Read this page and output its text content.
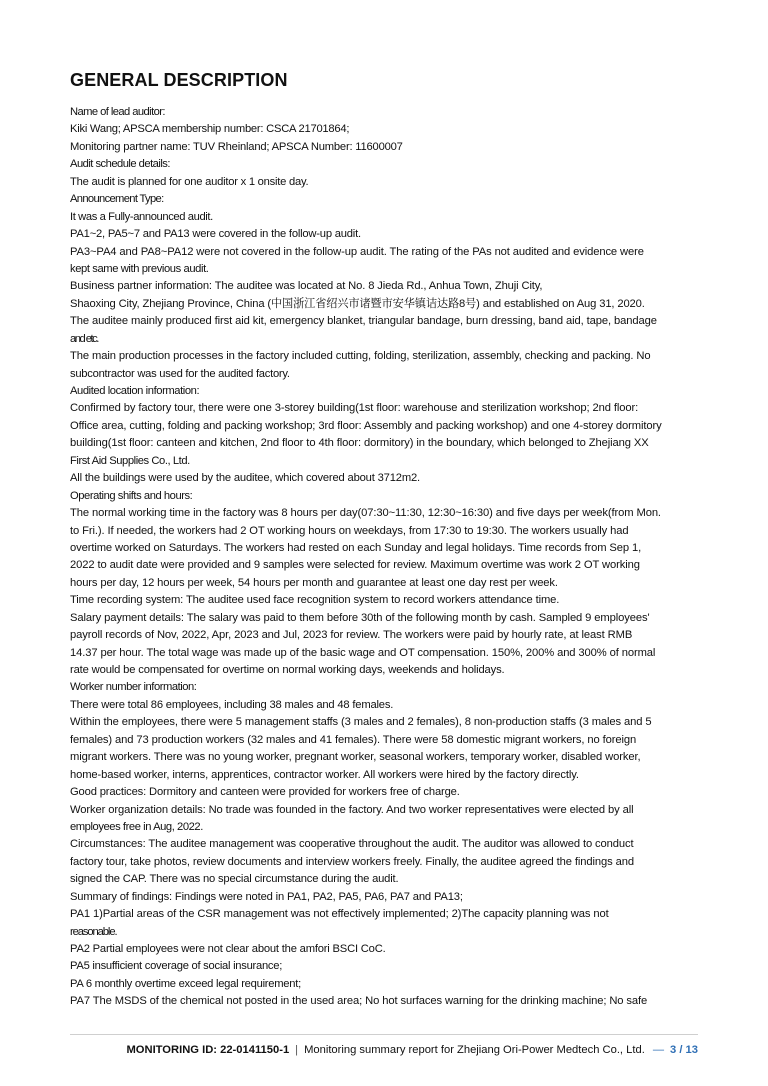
GENERAL DESCRIPTION

Name of lead auditor:

Kiki Wang; APSCA membership number: CSCA 21701864;

Monitoring partner name: TUV Rheinland; APSCA Number: 11600007

Audit schedule details:

The audit is planned for one auditor x 1 onsite day.

Announcement Type:

It was a Fully-announced audit.

PA1~2, PA5~7 and PA13 were covered in the follow-up audit.

PA3~PA4 and PA8~PA12 were not covered in the follow-up audit. The rating of the PAs not audited and evidence were

kept same with previous audit.

Business partner information: The auditee was located at No. 8 Jieda Rd., Anhua Town, Zhuji City,

Shaoxing City, Zhejiang Province, China (中国浙江省绍兴市诸暨市安华镇诘达路8号) and established on Aug 31, 2020.

The auditee mainly produced first aid kit, emergency blanket, triangular bandage, burn dressing, band aid, tape, bandage

and etc.

The main production processes in the factory included cutting, folding, sterilization, assembly, checking and packing. No

subcontractor was used for the audited factory.

Audited location information:

Confirmed by factory tour, there were one 3-storey building(1st floor: warehouse and sterilization workshop; 2nd floor:

Office area, cutting, folding and packing workshop; 3rd floor: Assembly and packing workshop) and one 4-storey dormitory

building(1st floor: canteen and kitchen, 2nd floor to 4th floor: dormitory) in the boundary, which belonged to Zhejiang XX

First Aid Supplies Co., Ltd.

All the buildings were used by the auditee, which covered about 3712m2.

Operating shifts and hours:

The normal working time in the factory was 8 hours per day(07:30~11:30, 12:30~16:30) and five days per week(from Mon.

to Fri.). If needed, the workers had 2 OT working hours on weekdays, from 17:30 to 19:30. The workers usually had

overtime worked on Saturdays. The workers had rested on each Sunday and legal holidays. Time records from Sep 1,

2022 to audit date were provided and 9 samples were selected for review. Maximum overtime was work 2 OT working

hours per day, 12 hours per week, 54 hours per month and guarantee at least one day rest per week.

Time recording system: The auditee used face recognition system to record workers attendance time.

Salary payment details: The salary was paid to them before 30th of the following month by cash. Sampled 9 employees'

payroll records of Nov, 2022, Apr, 2023 and Jul, 2023 for review. The workers were paid by hourly rate, at least RMB

14.37 per hour. The total wage was made up of the basic wage and OT compensation. 150%, 200% and 300% of normal

rate would be compensated for overtime on normal working days, weekends and holidays.

Worker number information:

There were total 86 employees, including 38 males and 48 females.

Within the employees, there were 5 management staffs (3 males and 2 females), 8 non-production staffs (3 males and 5

females) and 73 production workers (32 males and 41 females). There were 58 domestic migrant workers, no foreign

migrant workers. There was no young worker, pregnant worker, seasonal workers, temporary worker, disabled worker,

home-based worker, interns, apprentices, contractor worker. All workers were hired by the factory directly.

Good practices: Dormitory and canteen were provided for workers free of charge.

Worker organization details: No trade was founded in the factory. And two worker representatives were elected by all

employees free in Aug, 2022.

Circumstances: The auditee management was cooperative throughout the audit. The auditor was allowed to conduct

factory tour, take photos, review documents and interview workers freely. Finally, the auditee agreed the findings and

signed the CAP. There was no special circumstance during the audit.

Summary of findings: Findings were noted in PA1, PA2, PA5, PA6, PA7 and PA13;

PA1 1)Partial areas of the CSR management was not effectively implemented; 2)The capacity planning was not

reasonable.

PA2 Partial employees were not clear about the amfori BSCI CoC.

PA5 insufficient coverage of social insurance;

PA 6 monthly overtime exceed legal requirement;

PA7 The MSDS of the chemical not posted in the used area; No hot surfaces warning for the drinking machine; No safe

MONITORING ID: 22-0141150-1 | Monitoring summary report for Zhejiang Ori-Power Medtech Co., Ltd. — 3 / 13
